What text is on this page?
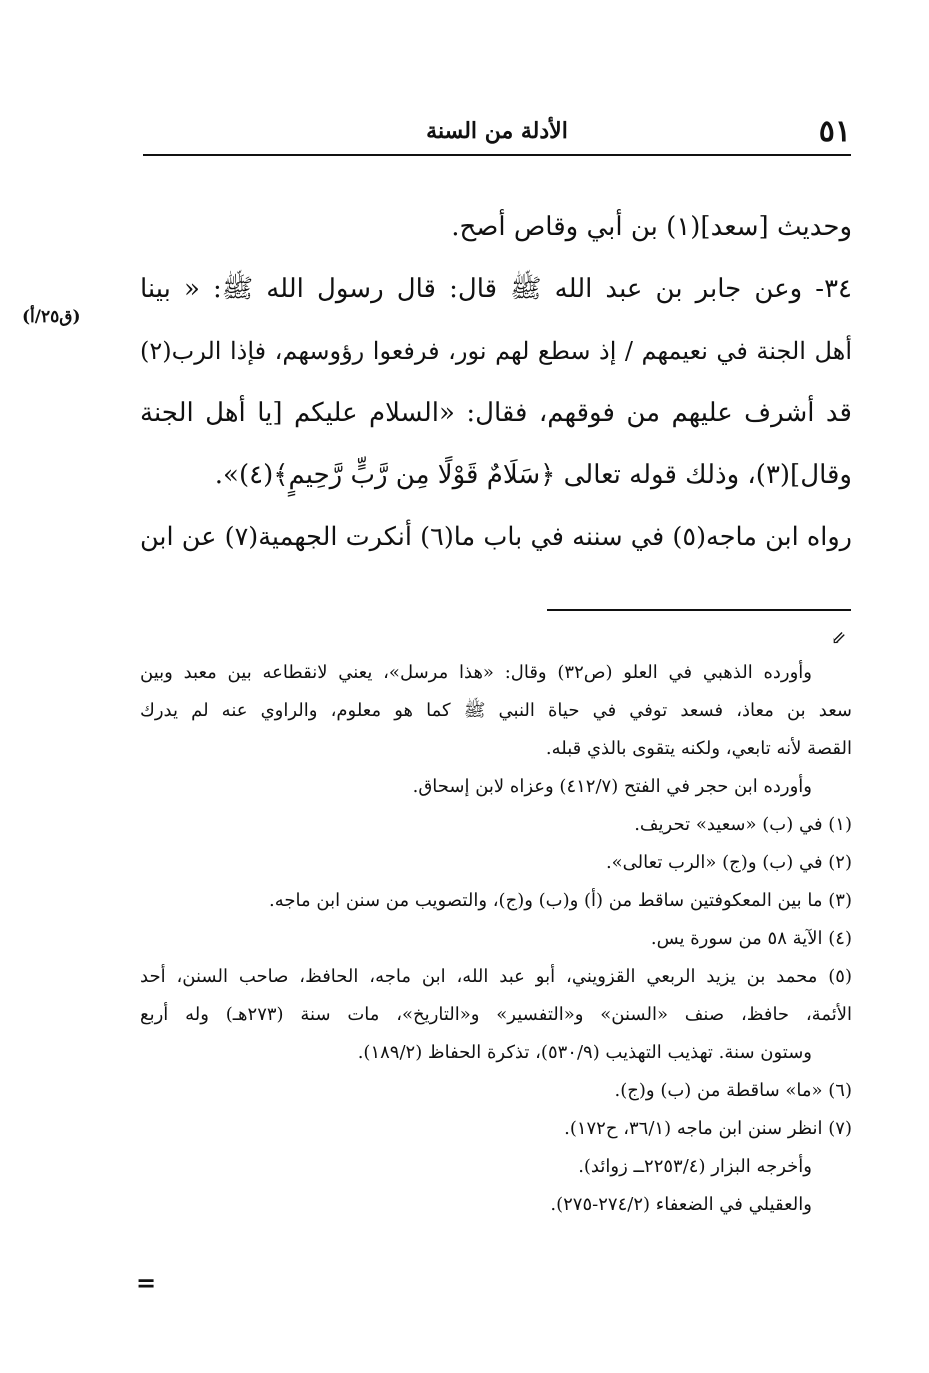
٥١
الأدلة من السنة
(ق٢٥/أ)
وحديث [سعد](١) بن أبي وقاص أصح.
٣٤- وعن جابر بن عبد الله ﷺ قال: قال رسول الله ﷺ: « بينا
أهل الجنة في نعيمهم / إذ سطع لهم نور، فرفعوا رؤوسهم، فإذا الرب(٢)
قد أشرف عليهم من فوقهم، فقال: «السلام عليكم [يا أهل الجنة
وقال](٣)، وذلك قوله تعالى ﴿سَلَامٌ قَوْلًا مِن رَّبٍّ رَّحِيمٍ﴾(٤)».
رواه ابن ماجه(٥) في سننه في باب ما(٦) أنكرت الجهمية(٧) عن ابن
⇙
وأورده الذهبي في العلو (ص٣٢) وقال: «هذا مرسل»، يعني لانقطاعه بين معبد وبين
سعد بن معاذ، فسعد توفي في حياة النبي ﷺ كما هو معلوم، والراوي عنه لم يدرك
القصة لأنه تابعي، ولكنه يتقوى بالذي قبله.
وأورده ابن حجر في الفتح (٤١٢/٧) وعزاه لابن إسحاق.
(١) في (ب) «سعيد» تحريف.
(٢) في (ب) و(ج) «الرب تعالى».
(٣) ما بين المعكوفتين ساقط من (أ) و(ب) و(ج)، والتصويب من سنن ابن ماجه.
(٤) الآية ٥٨ من سورة يس.
(٥) محمد بن يزيد الربعي القزويني، أبو عبد الله، ابن ماجه، الحافظ، صاحب السنن، أحد
الأئمة، حافظ، صنف «السنن» و«التفسير» و«التاريخ»، مات سنة (٢٧٣هـ) وله أربع
وستون سنة. تهذيب التهذيب (٥٣٠/٩)، تذكرة الحفاظ (١٨٩/٢).
(٦) «ما» ساقطة من (ب) و(ج).
(٧) انظر سنن ابن ماجه (٣٦/١، ح١٧٢).
وأخرجه البزار (٢٢٥٣/٤ــ زوائد).
والعقيلي في الضعفاء (٢٧٤/٢-٢٧٥).
=
